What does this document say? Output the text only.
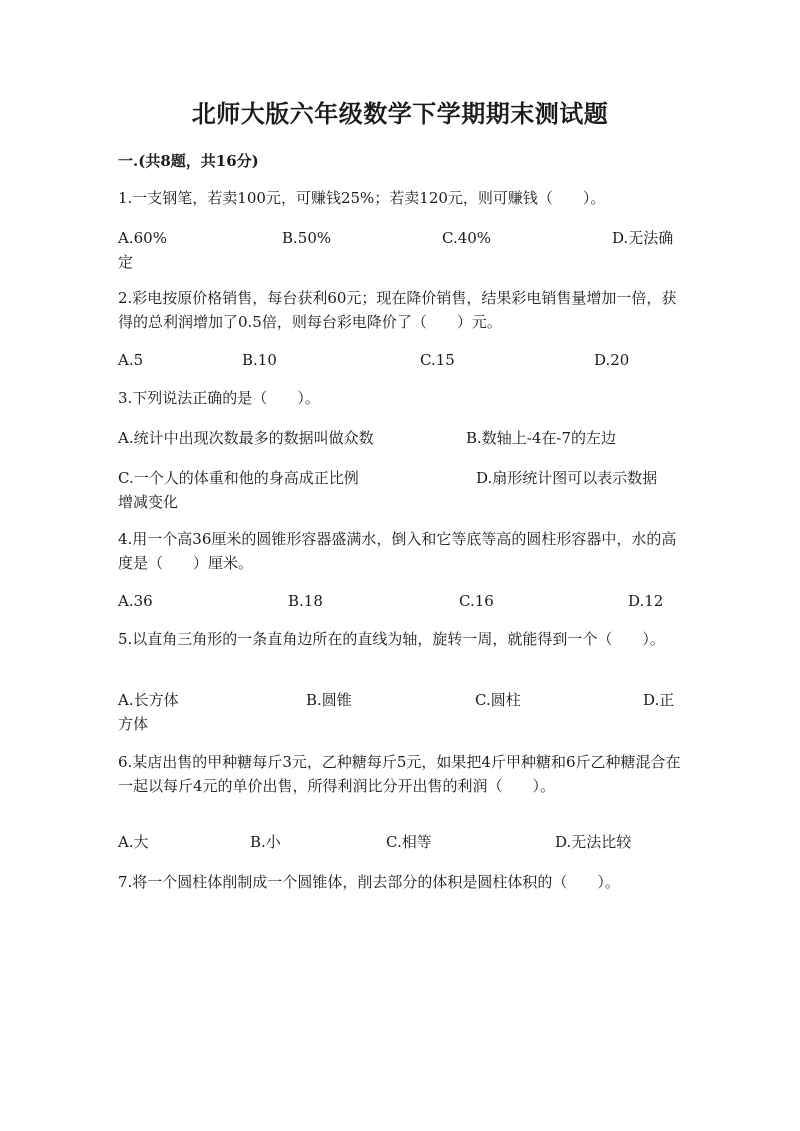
北师大版六年级数学下学期期末测试题
一.(共8题，共16分)
1.一支钢笔，若卖100元，可赚钱25%；若卖120元，则可赚钱（　　）。
A.60%	B.50%	C.40%	D.无法确
定
2.彩电按原价格销售，每台获利60元；现在降价销售，结果彩电销售量增加一倍，获得的总利润增加了0.5倍，则每台彩电降价了（　　）元。
A.5	B.10	C.15	D.20
3.下列说法正确的是（　　）。
A.统计中出现次数最多的数据叫做众数	B.数轴上-4在-7的左边
C.一个人的体重和他的身高成正比例	D.扇形统计图可以表示数据
增减变化
4.用一个高36厘米的圆锥形容器盛满水，倒入和它等底等高的圆柱形容器中，水的高度是（　　）厘米。
A.36	B.18	C.16	D.12
5.以直角三角形的一条直角边所在的直线为轴，旋转一周，就能得到一个（　　）。
A.长方体	B.圆锥	C.圆柱	D.正
方体
6.某店出售的甲种糖每斤3元，乙种糖每斤5元，如果把4斤甲种糖和6斤乙种糖混合在一起以每斤4元的单价出售，所得利润比分开出售的利润（　　）。
A.大	B.小	C.相等	D.无法比较
7.将一个圆柱体削制成一个圆锥体，削去部分的体积是圆柱体积的（　　）。
